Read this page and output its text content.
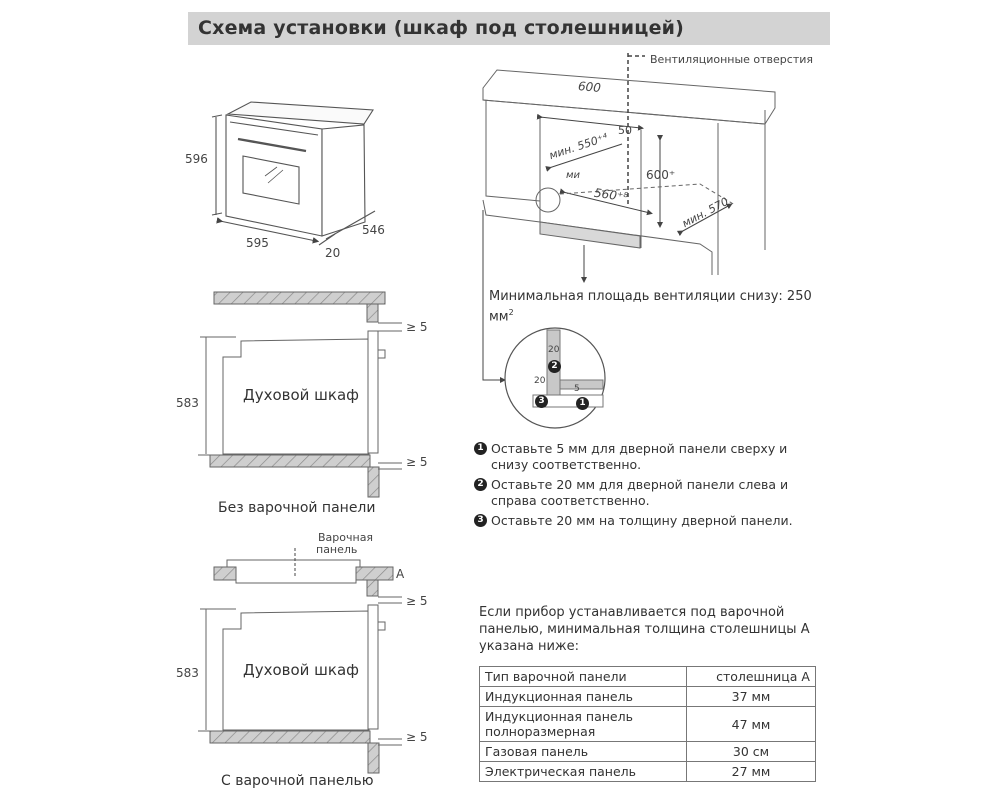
Схема установки (шкаф под столешницей)
596
595
546
20
Вентиляционные отверстия
600
мин. 550⁺⁴
50
ми	600⁺
560⁺⁸	мин. 570
Минимальная площадь вентиляции снизу: 250
$мм^2$
20
20
5
2
3	1
1 Оставьте 5 мм для дверной панели сверху и снизу соответственно.
2 Оставьте 20 мм для дверной панели слева и справа соответственно.
3 Оставьте 20 мм на толщину дверной панели.
583	Духовой шкаф
≥ 5
≥ 5
Без варочной панели
Варочная
панель
A
583	Духовой шкаф
≥ 5
≥ 5
С варочной панелью
Если прибор устанавливается под варочной панелью, минимальная толщина столешницы A указана ниже:
Тип варочной панели	столешница A
Индукционная панель	37 мм
Индукционная панель полноразмерная	47 мм
Газовая панель	30 см
Электрическая панель	27 мм
